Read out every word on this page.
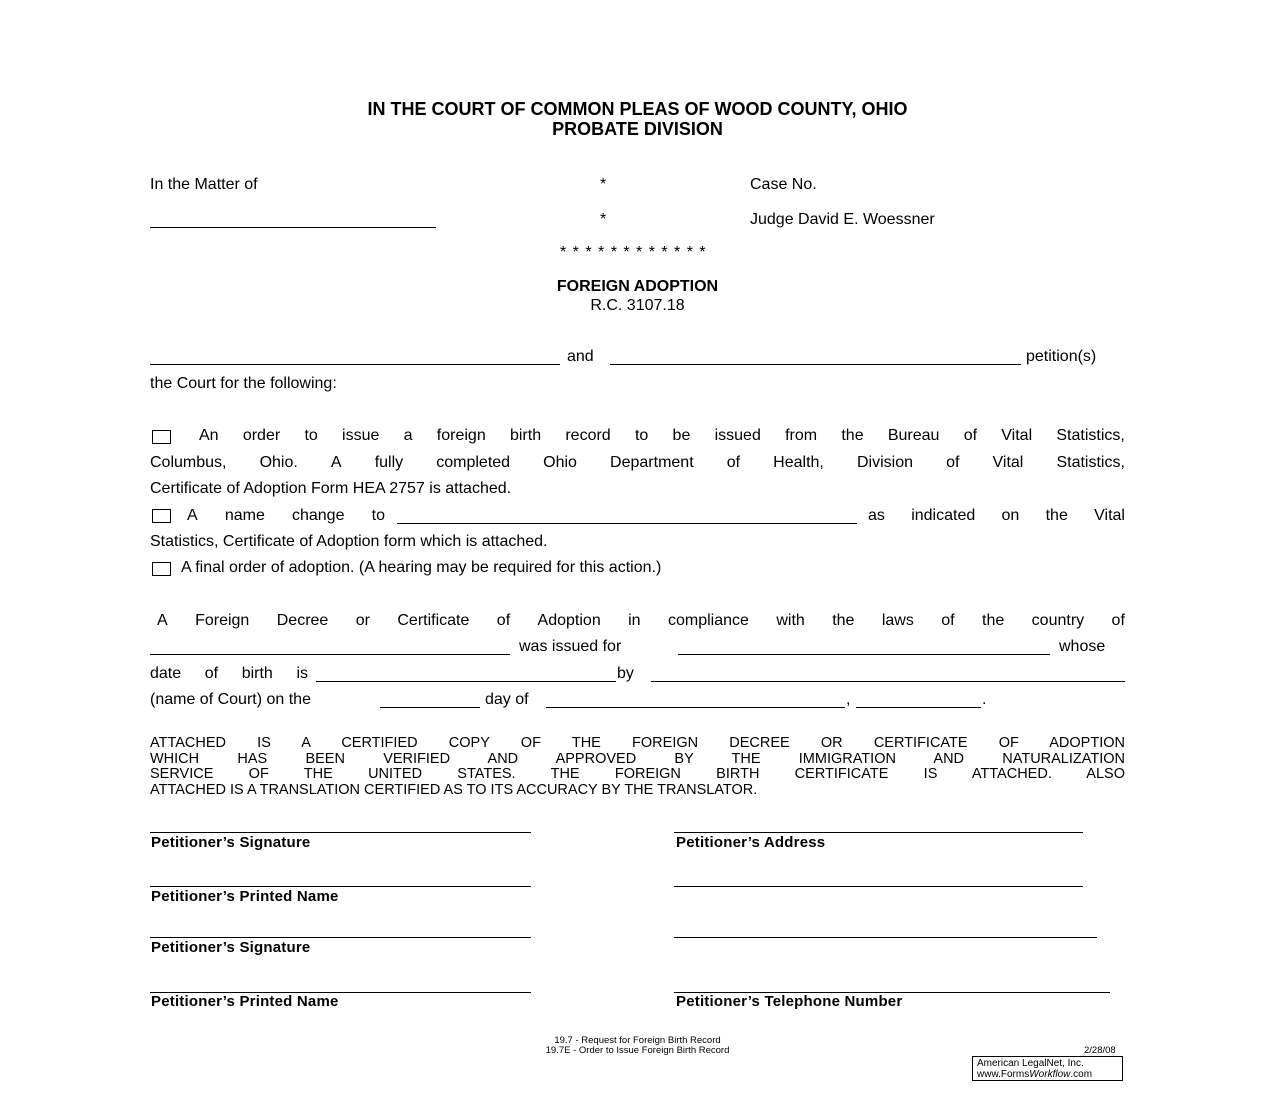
IN THE COURT OF COMMON PLEAS OF WOOD COUNTY, OHIO
PROBATE DIVISION
In the Matter of	*	Case No.
*	Judge David E. Woessner
* * * * * * * * * * * *
FOREIGN ADOPTION
R.C. 3107.18
and	petition(s)
the Court for the following:
An order to issue a foreign birth record to be issued from the Bureau of Vital Statistics,
Columbus, Ohio. A fully completed Ohio Department of Health, Division of Vital Statistics,
Certificate of Adoption Form HEA 2757 is attached.
A name change to	as indicated on the Vital
Statistics, Certificate of Adoption form which is attached.
A final order of adoption. (A hearing may be required for this action.)
A Foreign Decree or Certificate of Adoption in compliance with the laws of the country of
was issued for	whose
date of birth is	by
(name of Court) on the	day of	,	.
ATTACHED IS A CERTIFIED COPY OF THE FOREIGN DECREE OR CERTIFICATE OF ADOPTION
WHICH HAS BEEN VERIFIED AND APPROVED BY THE IMMIGRATION AND NATURALIZATION
SERVICE OF THE UNITED STATES. THE FOREIGN BIRTH CERTIFICATE IS ATTACHED. ALSO
ATTACHED IS A TRANSLATION CERTIFIED AS TO ITS ACCURACY BY THE TRANSLATOR.
Petitioner’s Signature	Petitioner’s Address
Petitioner’s Printed Name
Petitioner’s Signature
Petitioner’s Printed Name	Petitioner’s Telephone Number
19.7 - Request for Foreign Birth Record
19.7E - Order to Issue Foreign Birth Record	2/28/08
American LegalNet, Inc.
www.FormsWorkflow.com
